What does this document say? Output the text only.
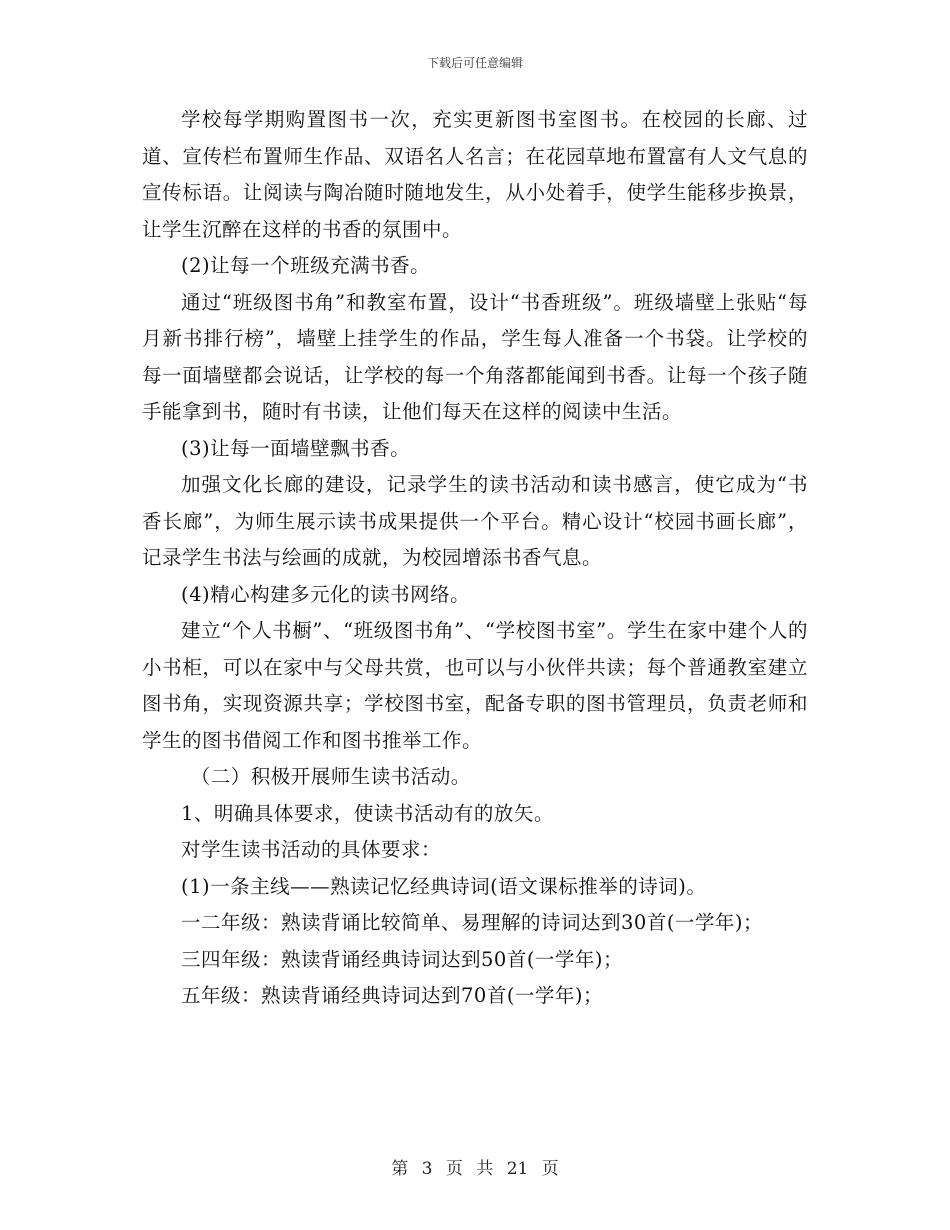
下载后可任意编辑

学校每学期购置图书一次，充实更新图书室图书。在校园的长廊、过道、宣传栏布置师生作品、双语名人名言；在花园草地布置富有人文气息的宣传标语。让阅读与陶冶随时随地发生，从小处着手，使学生能移步换景，让学生沉醉在这样的书香的氛围中。

(2)让每一个班级充满书香。

通过“班级图书角”和教室布置，设计“书香班级”。班级墙壁上张贴“每月新书排行榜”，墙壁上挂学生的作品，学生每人准备一个书袋。让学校的每一面墙壁都会说话，让学校的每一个角落都能闻到书香。让每一个孩子随手能拿到书，随时有书读，让他们每天在这样的阅读中生活。

(3)让每一面墙壁飘书香。

加强文化长廊的建设，记录学生的读书活动和读书感言，使它成为“书香长廊”，为师生展示读书成果提供一个平台。精心设计“校园书画长廊”，记录学生书法与绘画的成就，为校园增添书香气息。

(4)精心构建多元化的读书网络。

建立“个人书橱”、“班级图书角”、“学校图书室”。学生在家中建个人的小书柜，可以在家中与父母共赏，也可以与小伙伴共读；每个普通教室建立图书角，实现资源共享；学校图书室，配备专职的图书管理员，负责老师和学生的图书借阅工作和图书推举工作。

（二）积极开展师生读书活动。

1、明确具体要求，使读书活动有的放矢。

对学生读书活动的具体要求：

(1)一条主线——熟读记忆经典诗词(语文课标推举的诗词)。

一二年级：熟读背诵比较简单、易理解的诗词达到30首(一学年)；

三四年级：熟读背诵经典诗词达到50首(一学年)；

五年级：熟读背诵经典诗词达到70首(一学年)；

第 3 页 共 21 页
